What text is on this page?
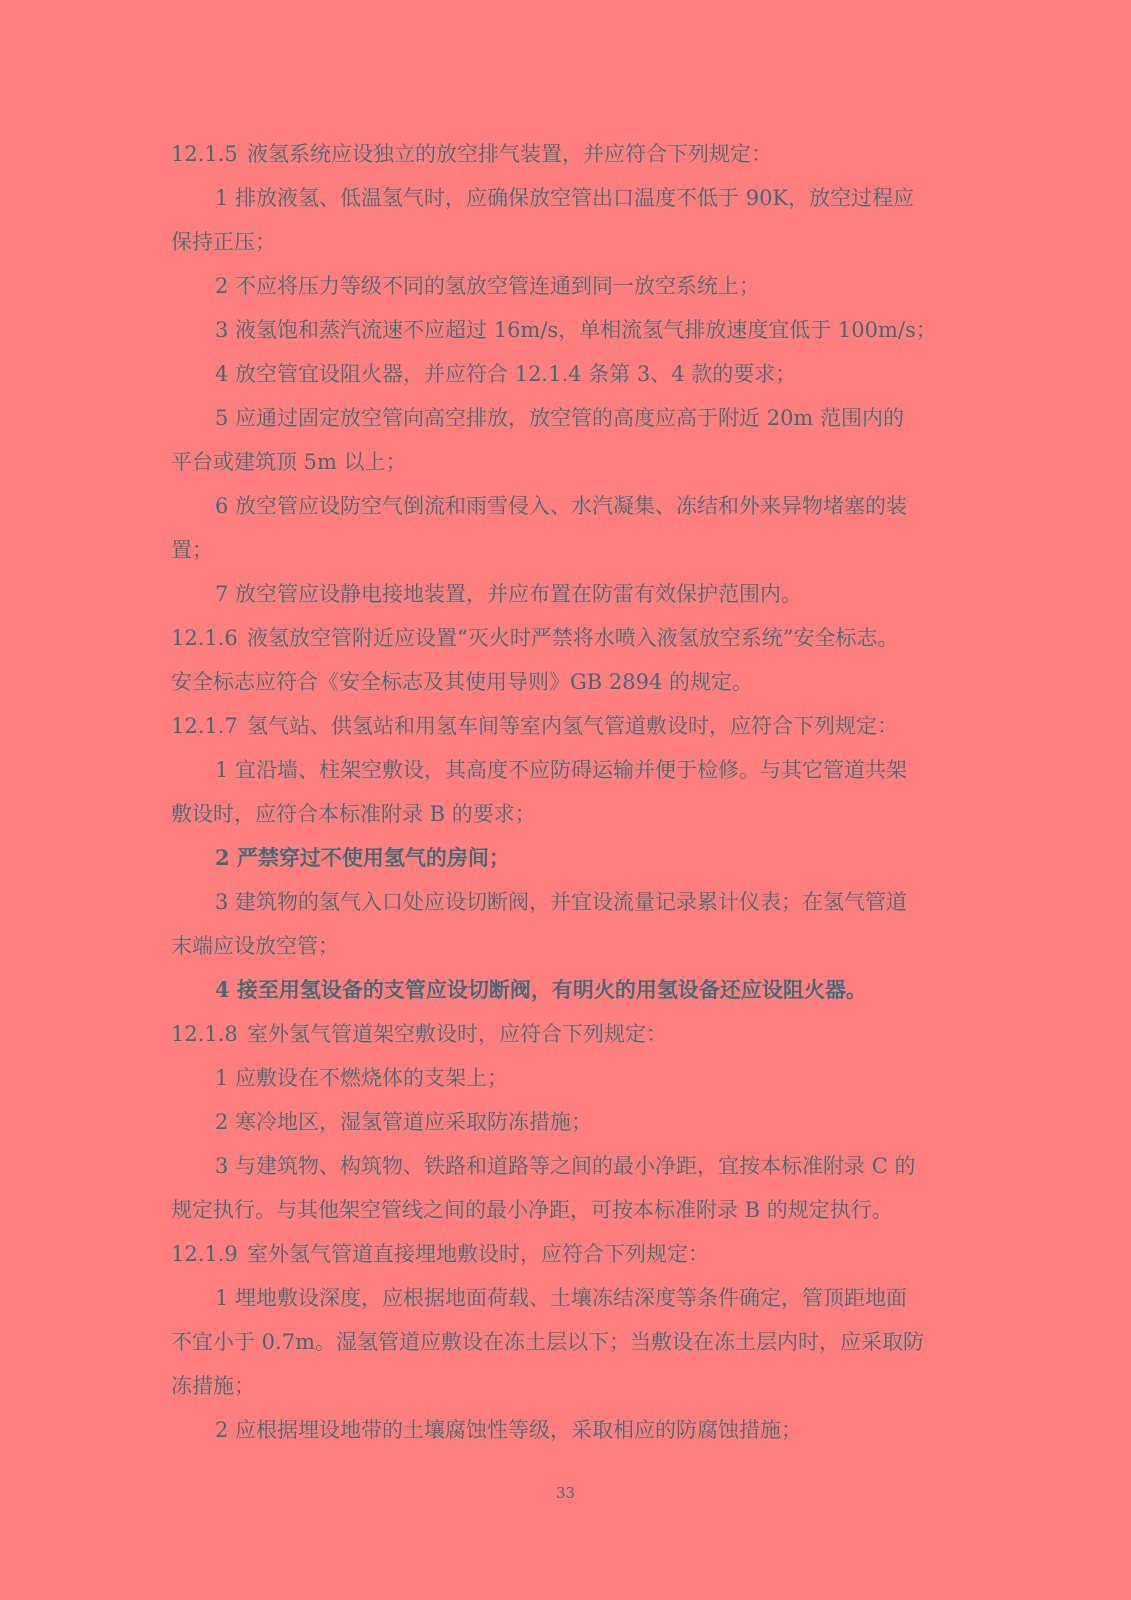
12.1.5 液氢系统应设独立的放空排气装置，并应符合下列规定：
1 排放液氢、低温氢气时，应确保放空管出口温度不低于 90K，放空过程应
保持正压；
2 不应将压力等级不同的氢放空管连通到同一放空系统上；
3 液氢饱和蒸汽流速不应超过 16m/s，单相流氢气排放速度宜低于 100m/s；
4 放空管宜设阻火器，并应符合 12.1.4 条第 3、4 款的要求；
5 应通过固定放空管向高空排放，放空管的高度应高于附近 20m 范围内的
平台或建筑顶 5m 以上；
6 放空管应设防空气倒流和雨雪侵入、水汽凝集、冻结和外来异物堵塞的装
置；
7 放空管应设静电接地装置，并应布置在防雷有效保护范围内。
12.1.6 液氢放空管附近应设置“灭火时严禁将水喷入液氢放空系统”安全标志。
安全标志应符合《安全标志及其使用导则》GB 2894 的规定。
12.1.7 氢气站、供氢站和用氢车间等室内氢气管道敷设时，应符合下列规定：
1 宜沿墙、柱架空敷设，其高度不应防碍运输并便于检修。与其它管道共架
敷设时，应符合本标准附录 B 的要求；
2 严禁穿过不使用氢气的房间；
3 建筑物的氢气入口处应设切断阀，并宜设流量记录累计仪表；在氢气管道
末端应设放空管；
4 接至用氢设备的支管应设切断阀，有明火的用氢设备还应设阻火器。
12.1.8 室外氢气管道架空敷设时，应符合下列规定：
1 应敷设在不燃烧体的支架上；
2 寒冷地区，湿氢管道应采取防冻措施；
3 与建筑物、构筑物、铁路和道路等之间的最小净距，宜按本标准附录 C 的
规定执行。与其他架空管线之间的最小净距，可按本标准附录 B 的规定执行。
12.1.9 室外氢气管道直接埋地敷设时，应符合下列规定：
1 埋地敷设深度，应根据地面荷载、土壤冻结深度等条件确定，管顶距地面
不宜小于 0.7m。湿氢管道应敷设在冻土层以下；当敷设在冻土层内时，应采取防
冻措施；
2 应根据埋设地带的土壤腐蚀性等级，采取相应的防腐蚀措施；
33
